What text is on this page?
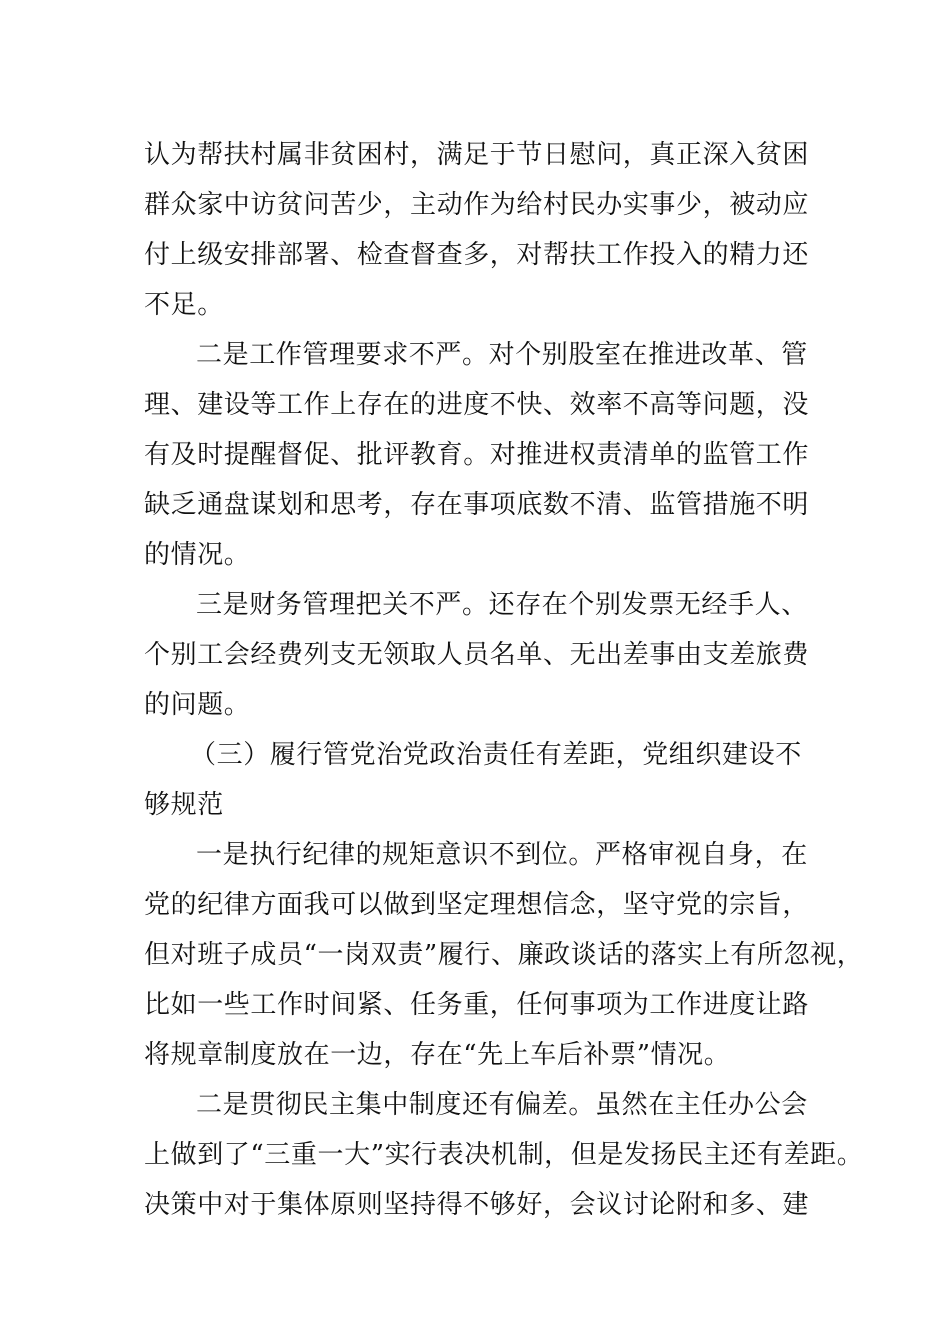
认为帮扶村属非贫困村，满足于节日慰问，真正深入贫困
群众家中访贫问苦少，主动作为给村民办实事少，被动应
付上级安排部署、检查督查多，对帮扶工作投入的精力还
不足。
二是工作管理要求不严。对个别股室在推进改革、管
理、建设等工作上存在的进度不快、效率不高等问题，没
有及时提醒督促、批评教育。对推进权责清单的监管工作
缺乏通盘谋划和思考，存在事项底数不清、监管措施不明
的情况。
三是财务管理把关不严。还存在个别发票无经手人、
个别工会经费列支无领取人员名单、无出差事由支差旅费
的问题。
（三）履行管党治党政治责任有差距，党组织建设不
够规范
一是执行纪律的规矩意识不到位。严格审视自身，在
党的纪律方面我可以做到坚定理想信念，坚守党的宗旨，
但对班子成员“一岗双责”履行、廉政谈话的落实上有所忽视，
比如一些工作时间紧、任务重，任何事项为工作进度让路
将规章制度放在一边，存在“先上车后补票”情况。
二是贯彻民主集中制度还有偏差。虽然在主任办公会
上做到了“三重一大”实行表决机制，但是发扬民主还有差距。
决策中对于集体原则坚持得不够好，会议讨论附和多、建
